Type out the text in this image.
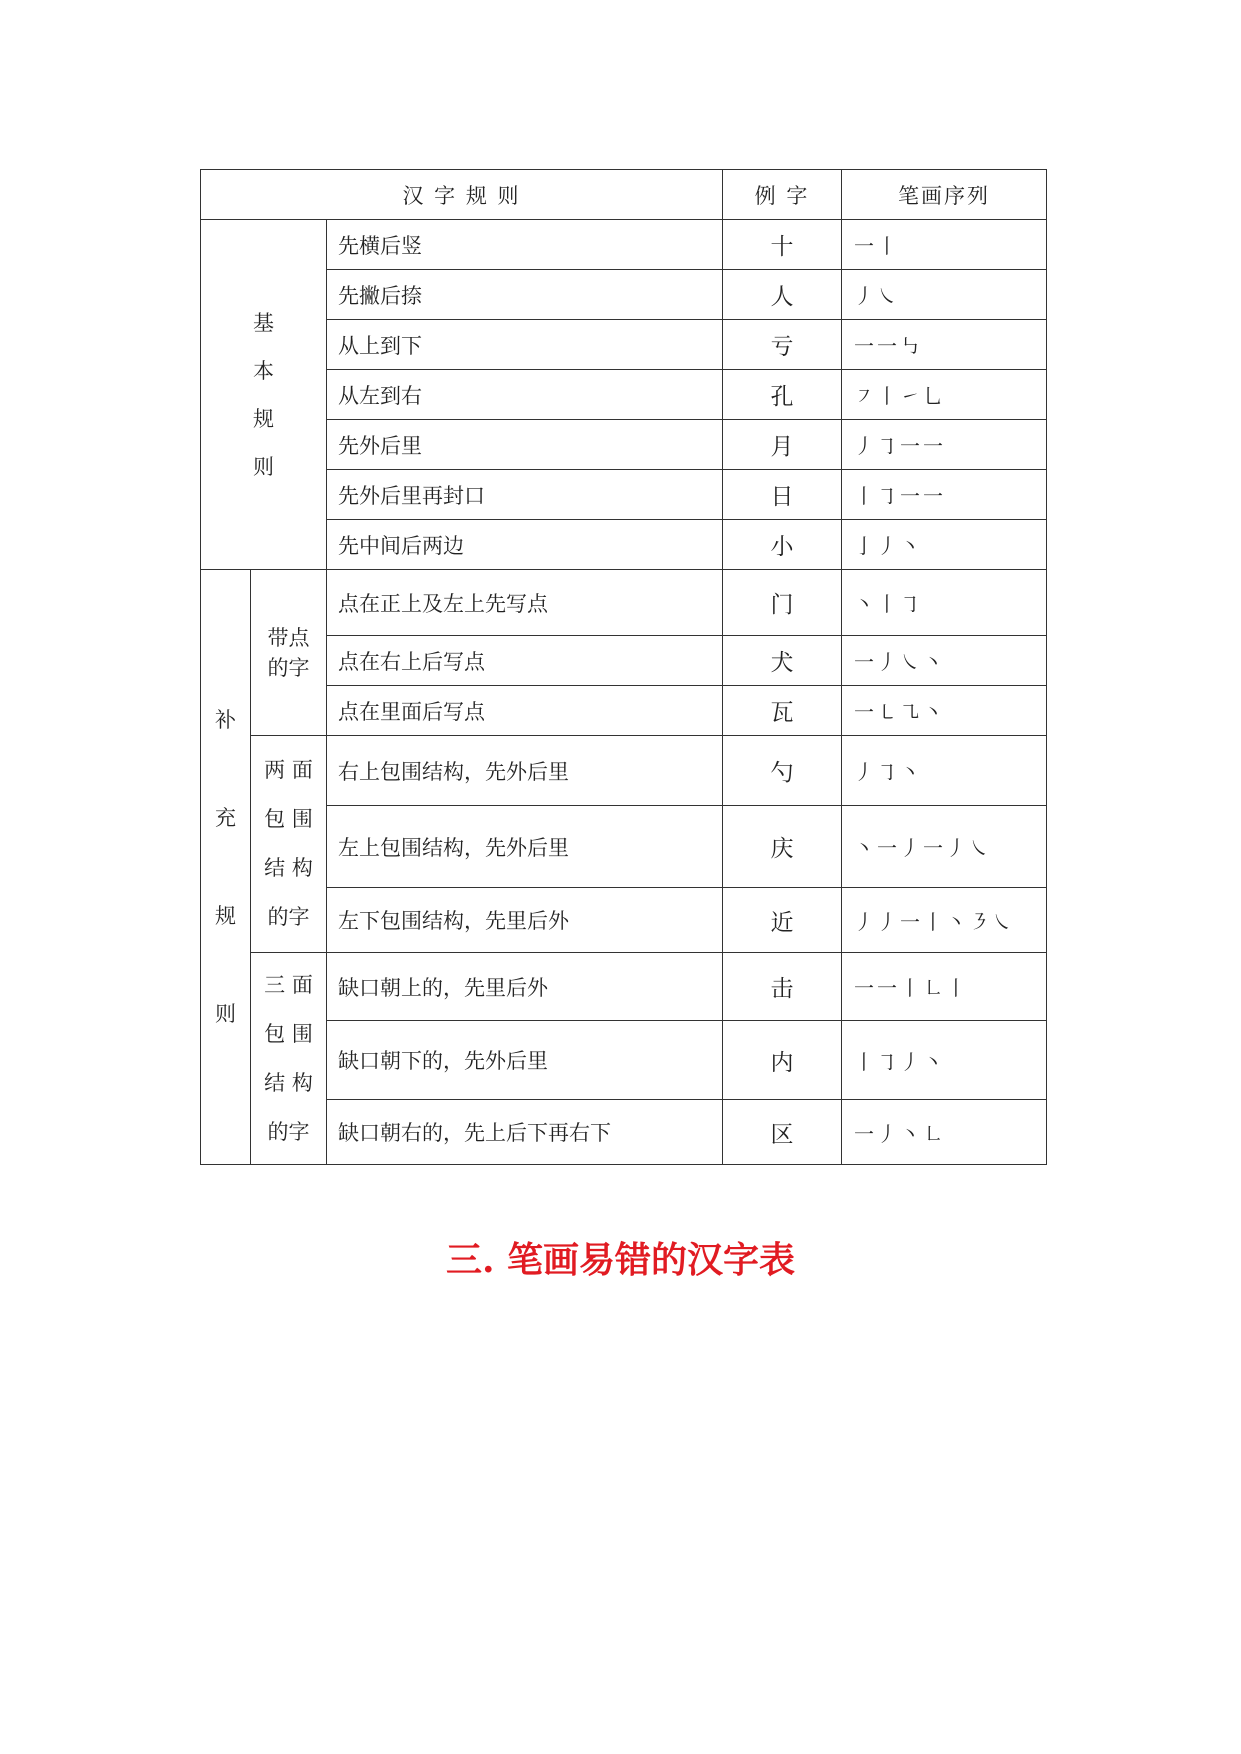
汉 字 规 则			例 字	笔画序列

基
本
规
则		先横后竖	十	一丨
		先撇后捺	人	丿㇏
		从上到下	亏	一一㇉
		从左到右	孔	㇇丨㇀乚
		先外后里	月	丿㇆一一
		先外后里再封口	日	丨㇆一一
		先中间后两边	小	亅丿丶

补
充
规
则	带点
的字	点在正上及左上先写点	门	丶丨㇆
		点在右上后写点	犬	一丿㇏丶
		点在里面后写点	瓦	一㇄㇈丶

	两 面
包 围
结 构
的字	右上包围结构，先外后里	勺	丿㇆丶
		左上包围结构，先外后里	庆	丶一丿一丿㇏
		左下包围结构，先里后外	近	丿丿一丨丶㇋㇏

	三 面
包 围
结 构
的字	缺口朝上的，先里后外	击	一一丨㇗丨
		缺口朝下的，先外后里	内	丨㇆丿丶
		缺口朝右的，先上后下再右下	区	一丿丶㇗
三. 笔画易错的汉字表
